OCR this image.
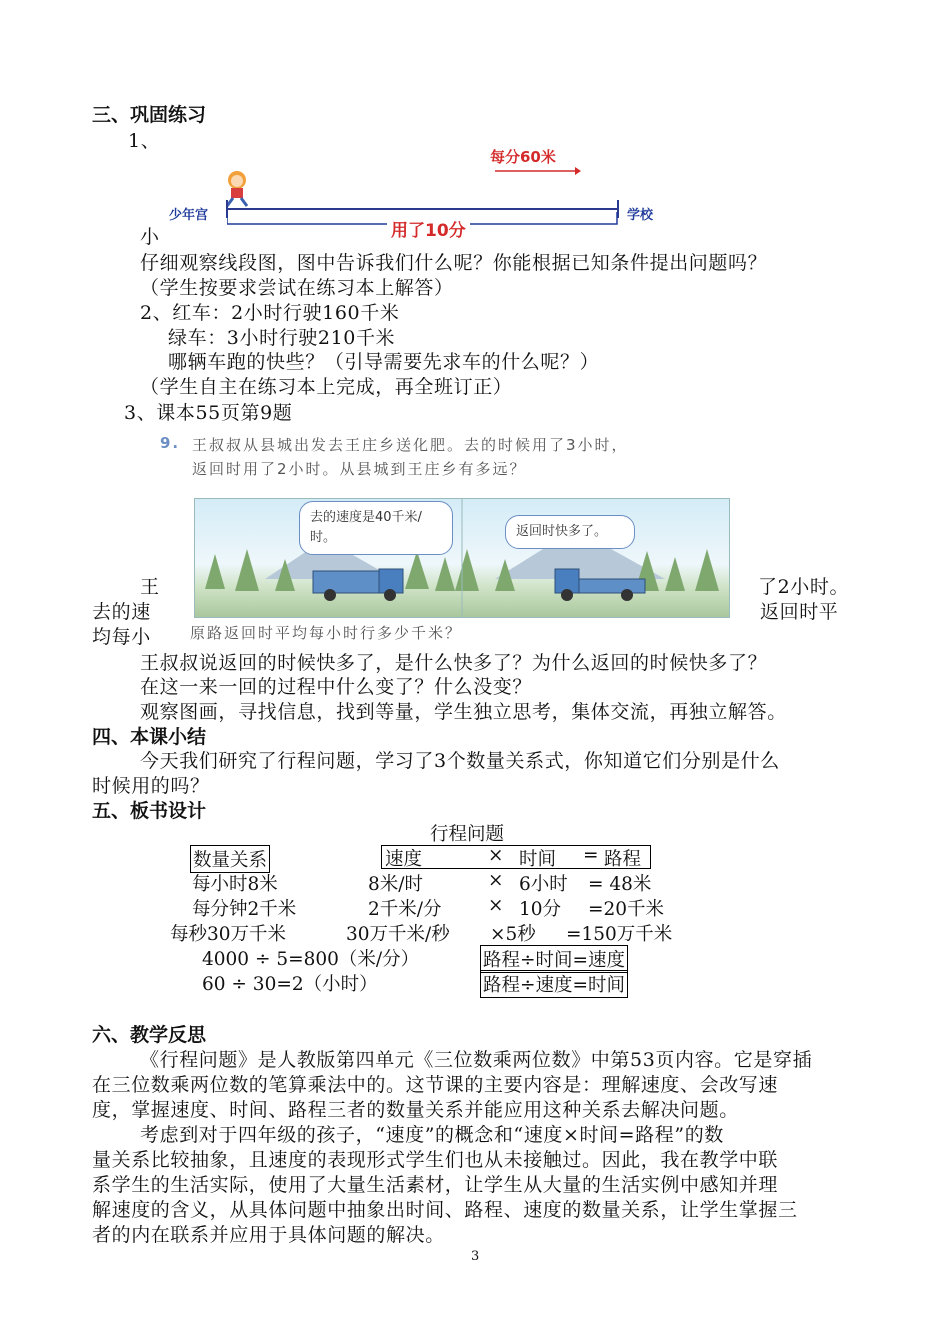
三、巩固练习
1、
每分60米
少年宫	学校
用了10分
小
仔细观察线段图，图中告诉我们什么呢？你能根据已知条件提出问题吗？
（学生按要求尝试在练习本上解答）
2、红车：2小时行驶160千米
绿车：3小时行驶210千米
哪辆车跑的快些？（引导需要先求车的什么呢？）
（学生自主在练习本上完成，再全班订正）
3、课本55页第9题
9. 王叔叔从县城出发去王庄乡送化肥。去的时候用了3小时，
返回时用了2小时。从县城到王庄乡有多远？
去的速度是40千米/时。	返回时快多了。
原路返回时平均每小时行多少千米？
王	了2小时。
去的速	返回时平
均每小
王叔叔说返回的时候快多了，是什么快多了？为什么返回的时候快多了？
在这一来一回的过程中什么变了？什么没变？
观察图画，寻找信息，找到等量，学生独立思考，集体交流，再独立解答。
四、本课小结
今天我们研究了行程问题，学习了3个数量关系式，你知道它们分别是什么
时候用的吗？
五、板书设计
行程问题
数量关系	速度	× 时间 = 路程
每小时8米	8米/时	× 6小时 = 48米
每分钟2千米	2千米/分	× 10分 =20千米
每秒30万千米	30万千米/秒 ×5秒 =150万千米
4000 ÷ 5=800（米/分）
60 ÷ 30=2（小时）
路程÷时间=速度
路程÷速度=时间
六、教学反思
《行程问题》是人教版第四单元《三位数乘两位数》中第53页内容。它是穿插
在三位数乘两位数的笔算乘法中的。这节课的主要内容是：理解速度、会改写速
度，掌握速度、时间、路程三者的数量关系并能应用这种关系去解决问题。
考虑到对于四年级的孩子，“速度”的概念和“速度×时间=路程”的数
量关系比较抽象，且速度的表现形式学生们也从未接触过。因此，我在教学中联
系学生的生活实际，使用了大量生活素材，让学生从大量的生活实例中感知并理
解速度的含义，从具体问题中抽象出时间、路程、速度的数量关系，让学生掌握三
者的内在联系并应用于具体问题的解决。
3
